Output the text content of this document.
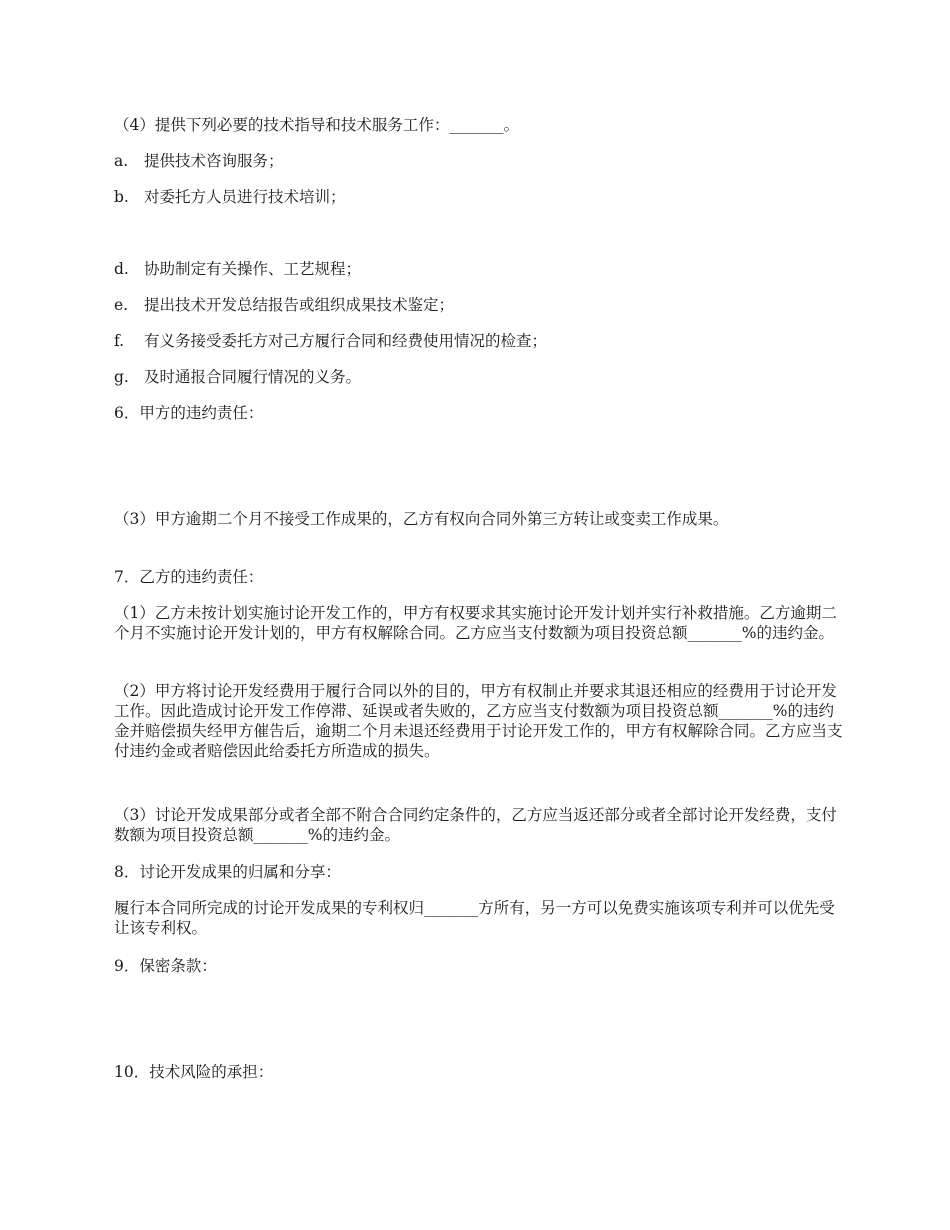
（4）提供下列必要的技术指导和技术服务工作：_______。
a. 提供技术咨询服务；
b. 对委托方人员进行技术培训；
d. 协助制定有关操作、工艺规程；
e. 提出技术开发总结报告或组织成果技术鉴定；
f. 有义务接受委托方对己方履行合同和经费使用情况的检查；
g. 及时通报合同履行情况的义务。
6．甲方的违约责任：
（3）甲方逾期二个月不接受工作成果的，乙方有权向合同外第三方转让或变卖工作成果。
7．乙方的违约责任：
（1）乙方未按计划实施讨论开发工作的，甲方有权要求其实施讨论开发计划并实行补救措施。乙方逾期二个月不实施讨论开发计划的，甲方有权解除合同。乙方应当支付数额为项目投资总额_______%的违约金。
（2）甲方将讨论开发经费用于履行合同以外的目的，甲方有权制止并要求其退还相应的经费用于讨论开发工作。因此造成讨论开发工作停滞、延误或者失败的，乙方应当支付数额为项目投资总额_______%的违约金并赔偿损失经甲方催告后，逾期二个月未退还经费用于讨论开发工作的，甲方有权解除合同。乙方应当支付违约金或者赔偿因此给委托方所造成的损失。
（3）讨论开发成果部分或者全部不附合合同约定条件的，乙方应当返还部分或者全部讨论开发经费，支付数额为项目投资总额_______%的违约金。
8．讨论开发成果的归属和分享：
履行本合同所完成的讨论开发成果的专利权归_______方所有，另一方可以免费实施该项专利并可以优先受让该专利权。
9．保密条款：
10．技术风险的承担：
